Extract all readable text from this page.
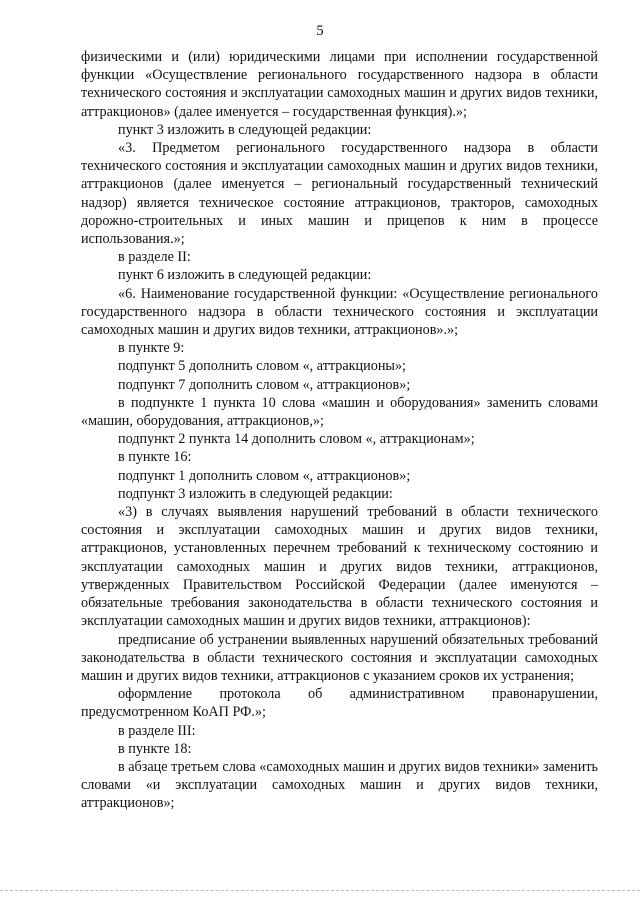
5

физическими и (или) юридическими лицами при исполнении государственной функции «Осуществление регионального государственного надзора в области технического состояния и эксплуатации самоходных машин и других видов техники, аттракционов» (далее именуется – государственная функция).»;

пункт 3 изложить в следующей редакции:

«3. Предметом регионального государственного надзора в области технического состояния и эксплуатации самоходных машин и других видов техники, аттракционов (далее именуется – региональный государственный технический надзор) является техническое состояние аттракционов, тракторов, самоходных дорожно-строительных и иных машин и прицепов к ним в процессе использования.»;

в разделе II:

пункт 6 изложить в следующей редакции:

«6. Наименование государственной функции: «Осуществление регионального государственного надзора в области технического состояния и эксплуатации самоходных машин и других видов техники, аттракционов».»;

в пункте 9:

подпункт 5 дополнить словом «, аттракционы»;

подпункт 7 дополнить словом «, аттракционов»;

в подпункте 1 пункта 10 слова «машин и оборудования» заменить словами «машин, оборудования, аттракционов,»;

подпункт 2 пункта 14 дополнить словом «, аттракционам»;

в пункте 16:

подпункт 1 дополнить словом «, аттракционов»;

подпункт 3 изложить в следующей редакции:

«3) в случаях выявления нарушений требований в области технического состояния и эксплуатации самоходных машин и других видов техники, аттракционов, установленных перечнем требований к техническому состоянию и эксплуатации самоходных машин и других видов техники, аттракционов, утвержденных Правительством Российской Федерации (далее именуются – обязательные требования законодательства в области технического состояния и эксплуатации самоходных машин и других видов техники, аттракционов):

предписание об устранении выявленных нарушений обязательных требований законодательства в области технического состояния и эксплуатации самоходных машин и других видов техники, аттракционов с указанием сроков их устранения;

оформление протокола об административном правонарушении, предусмотренном КоАП РФ.»;

в разделе III:

в пункте 18:

в абзаце третьем слова «самоходных машин и других видов техники» заменить словами «и эксплуатации самоходных машин и других видов техники, аттракционов»;
